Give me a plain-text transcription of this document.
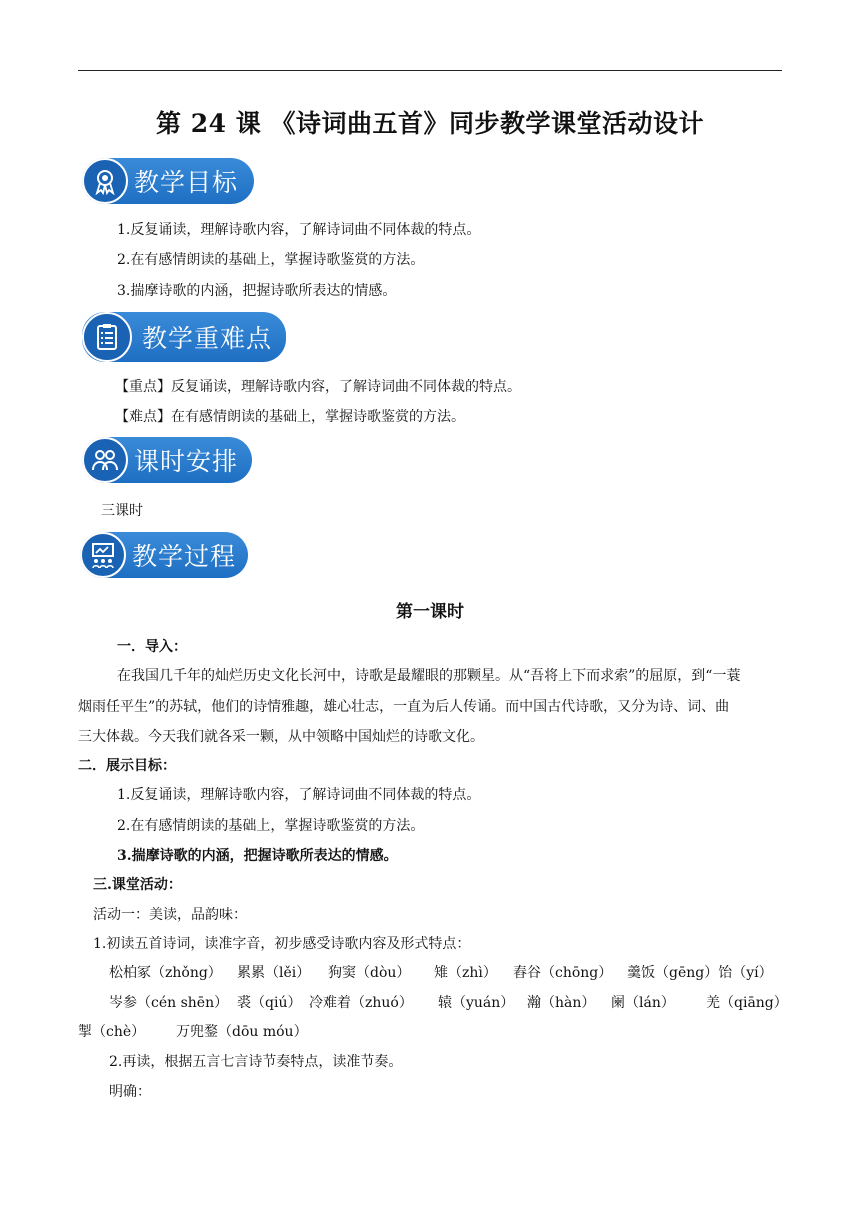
第 24 课 《诗词曲五首》同步教学课堂活动设计
教学目标
1.反复诵读，理解诗歌内容，了解诗词曲不同体裁的特点。
2.在有感情朗读的基础上，掌握诗歌鉴赏的方法。
3.揣摩诗歌的内涵，把握诗歌所表达的情感。
教学重难点
【重点】反复诵读，理解诗歌内容，了解诗词曲不同体裁的特点。
【难点】在有感情朗读的基础上，掌握诗歌鉴赏的方法。
课时安排
三课时
教学过程
第一课时
一．导入：
在我国几千年的灿烂历史文化长河中，诗歌是最耀眼的那颗星。从“吾将上下而求索”的屈原，到“一蓑
烟雨任平生”的苏轼，他们的诗情雅趣，雄心壮志，一直为后人传诵。而中国古代诗歌，又分为诗、词、曲
三大体裁。今天我们就各采一颗，从中领略中国灿烂的诗歌文化。
二．展示目标：
1.反复诵读，理解诗歌内容，了解诗词曲不同体裁的特点。
2.在有感情朗读的基础上，掌握诗歌鉴赏的方法。
3.揣摩诗歌的内涵，把握诗歌所表达的情感。
三.课堂活动：
活动一：美读，品韵味：
1.初读五首诗词，读准字音，初步感受诗歌内容及形式特点：
松柏冢（zhǒng） 累累（lěi） 狗窦（dòu） 雉（zhì） 舂谷（chōng） 羹饭（gēng）饴（yí）
岑参（cén shēn） 裘（qiú） 冷难着（zhuó） 辕（yuán） 瀚（hàn） 阑（lán） 羌（qiāng）
掣（chè） 万兜鍪（dōu móu）
2.再读，根据五言七言诗节奏特点，读准节奏。
明确：
